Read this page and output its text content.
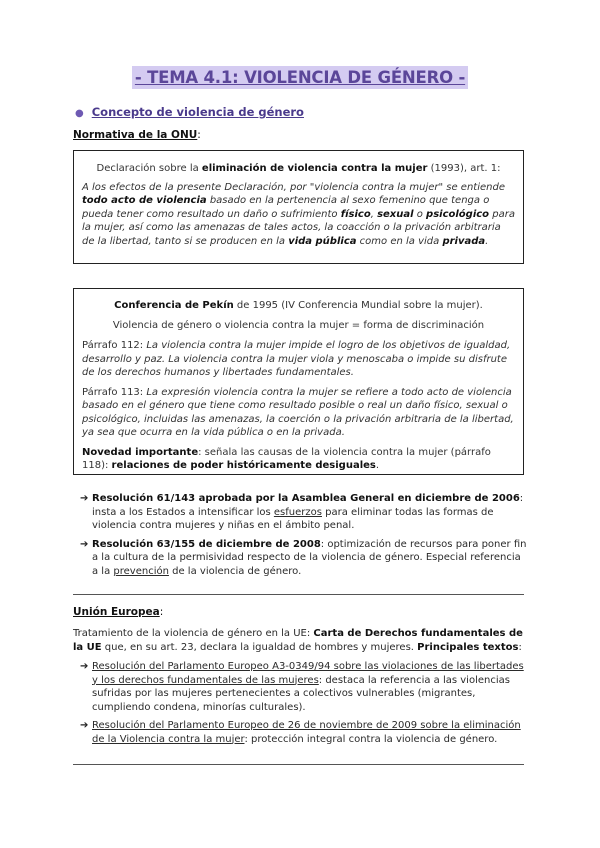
- TEMA 4.1: VIOLENCIA DE GÉNERO -
● Concepto de violencia de género
Normativa de la ONU:

Declaración sobre la eliminación de violencia contra la mujer (1993), art. 1:

A los efectos de la presente Declaración, por "violencia contra la mujer" se entiende todo acto de violencia basado en la pertenencia al sexo femenino que tenga o pueda tener como resultado un daño o sufrimiento físico, sexual o psicológico para la mujer, así como las amenazas de tales actos, la coacción o la privación arbitraria de la libertad, tanto si se producen en la vida pública como en la vida privada.

Conferencia de Pekín de 1995 (IV Conferencia Mundial sobre la mujer).

Violencia de género o violencia contra la mujer = forma de discriminación

Párrafo 112: La violencia contra la mujer impide el logro de los objetivos de igualdad, desarrollo y paz. La violencia contra la mujer viola y menoscaba o impide su disfrute de los derechos humanos y libertades fundamentales.

Párrafo 113: La expresión violencia contra la mujer se refiere a todo acto de violencia basado en el género que tiene como resultado posible o real un daño físico, sexual o psicológico, incluidas las amenazas, la coerción o la privación arbitraria de la libertad, ya sea que ocurra en la vida pública o en la privada.

Novedad importante: señala las causas de la violencia contra la mujer (párrafo 118): relaciones de poder históricamente desiguales.

➔ Resolución 61/143 aprobada por la Asamblea General en diciembre de 2006: insta a los Estados a intensificar los esfuerzos para eliminar todas las formas de violencia contra mujeres y niñas en el ámbito penal.
➔ Resolución 63/155 de diciembre de 2008: optimización de recursos para poner fin a la cultura de la permisividad respecto de la violencia de género. Especial referencia a la prevención de la violencia de género.
Unión Europea:
Tratamiento de la violencia de género en la UE: Carta de Derechos fundamentales de la UE que, en su art. 23, declara la igualdad de hombres y mujeres. Principales textos:
➔ Resolución del Parlamento Europeo A3-0349/94 sobre las violaciones de las libertades y los derechos fundamentales de las mujeres: destaca la referencia a las violencias sufridas por las mujeres pertenecientes a colectivos vulnerables (migrantes, cumpliendo condena, minorías culturales).
➔ Resolución del Parlamento Europeo de 26 de noviembre de 2009 sobre la eliminación de la Violencia contra la mujer: protección integral contra la violencia de género.
